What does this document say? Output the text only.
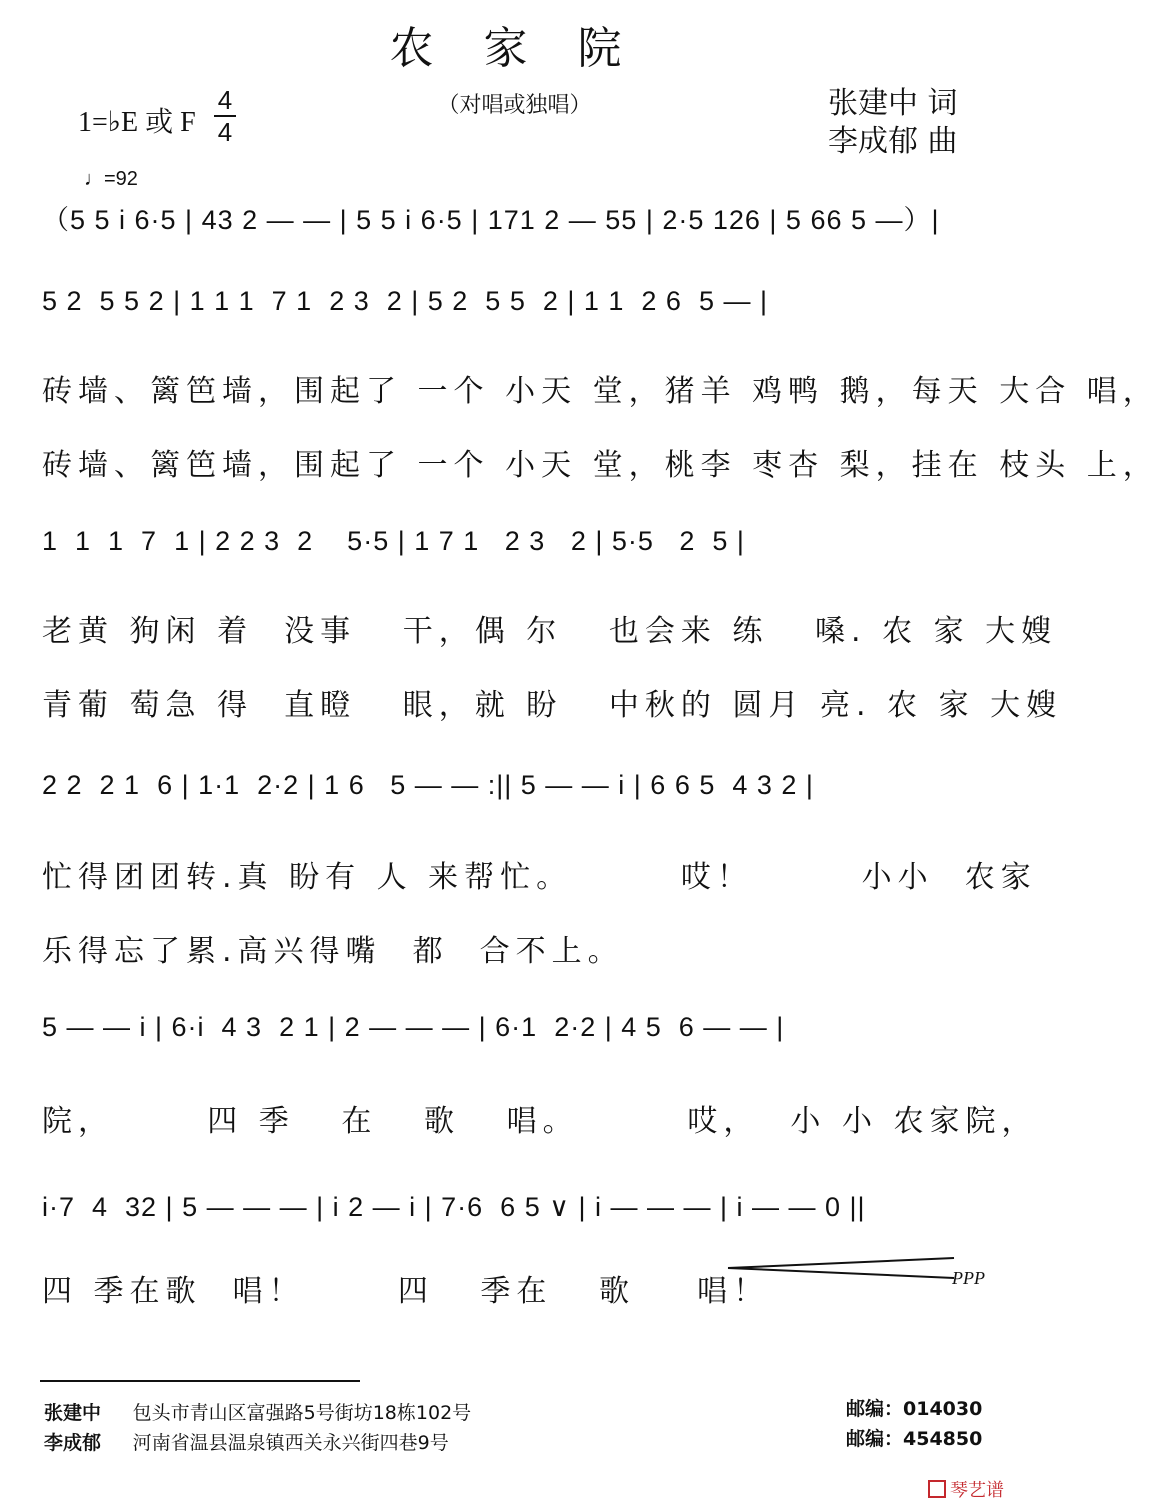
农 家 院
（对唱或独唱）
1=♭E 或 F
4
4
张建中 词
李成郁 曲
♩=92
（5 5 i 6·5 | 43 2 — — | 5 5 i 6·5 | 171 2 — 55 | 2·5 126 | 5 66 5 —）|
5 2  5 5 2 | 1 1 1  7 1  2 3  2 | 5 2  5 5  2 | 1 1  2 6  5 — |
砖墙、篱笆墙，围起了 一个 小天 堂，猪羊 鸡鸭 鹅，每天 大合 唱，
砖墙、篱笆墙，围起了 一个 小天 堂，桃李 枣杏 梨，挂在 枝头 上，
1  1  1  7  1 | 2 2 3  2    5·5 | 1 7 1   2 3   2 | 5·5   2  5 |
老黄 狗闲 着  没事   干，偶 尔   也会来 练   嗓. 农 家 大嫂
青葡 萄急 得  直瞪   眼，就 盼   中秋的 圆月 亮. 农 家 大嫂
2 2  2 1  6 | 1·1  2·2 | 1 6   5 — — :|| 5 — — i | 6 6 5  4 3 2 |
忙得团团转.真 盼有 人 来帮忙。       哎！       小小  农家
乐得忘了累.高兴得嘴  都  合不上。
5 — — i | 6·i  4 3  2 1 | 2 — — — | 6·1  2·2 | 4 5  6 — — |
院，      四 季   在   歌   唱。       哎，  小 小 农家院，
i·7  4  32 | 5 — — — | i 2 — i | 7·6  6 5 ∨ | i — — — | i — — 0 ||
四 季在歌  唱！      四   季在   歌    唱！	PPP
张建中 包头市青山区富强路5号街坊18栋102号	邮编：014030
李成郁 河南省温县温泉镇西关永兴街四巷9号	邮编：454850
琴艺谱
